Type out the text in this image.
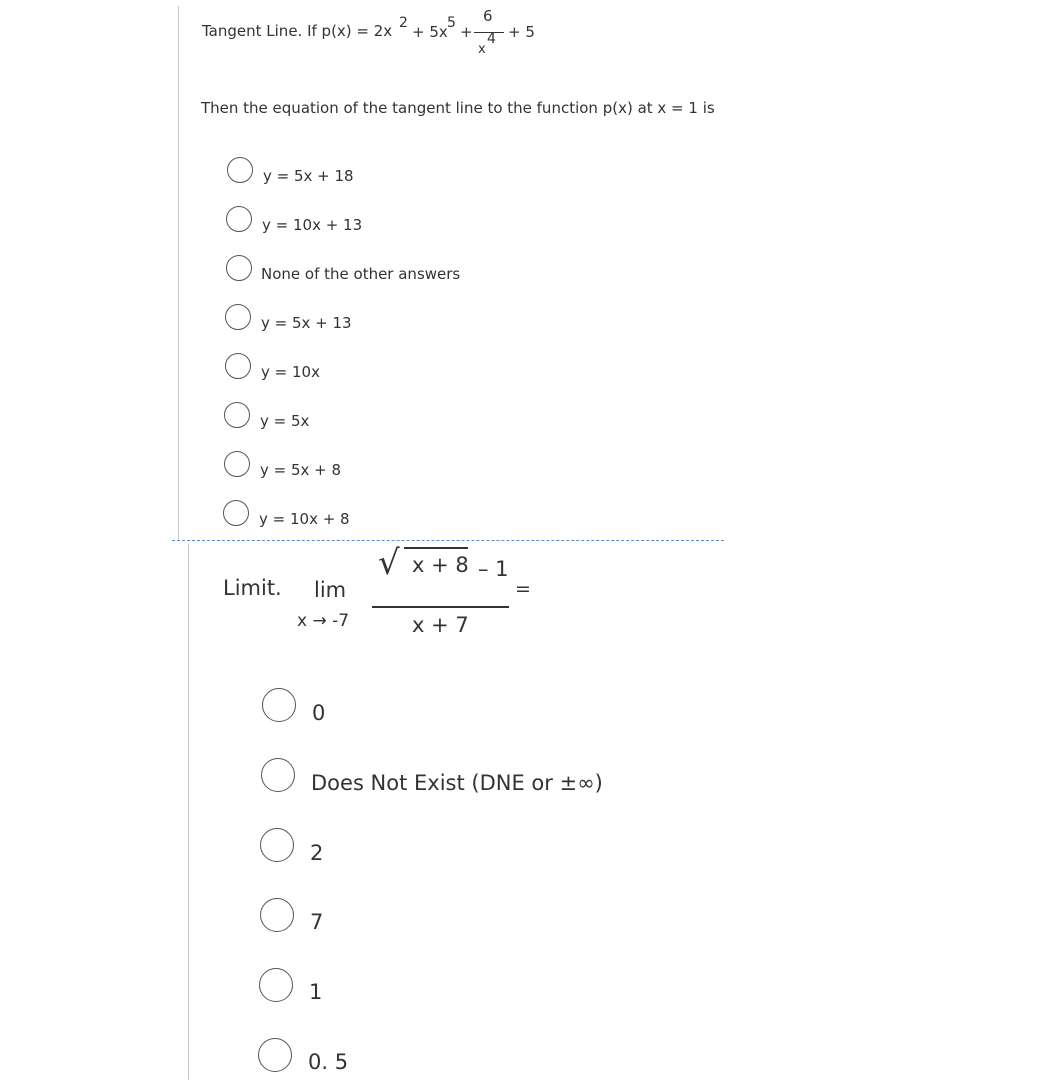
Tangent Line. If p(x) = 2x 2 + 5x 5 +
6
x
4 + 5
Then the equation of the tangent line to the function p(x) at x = 1 is
y = 5x + 18
y = 10x + 13
None of the other answers
y = 5x + 13
y = 10x
y = 5x
y = 5x + 8
y = 10x + 8
Limit. lim
x → -7
√ x + 8 – 1
x + 7
=
0
Does Not Exist (DNE or ±∞)
2
7
1
0. 5
